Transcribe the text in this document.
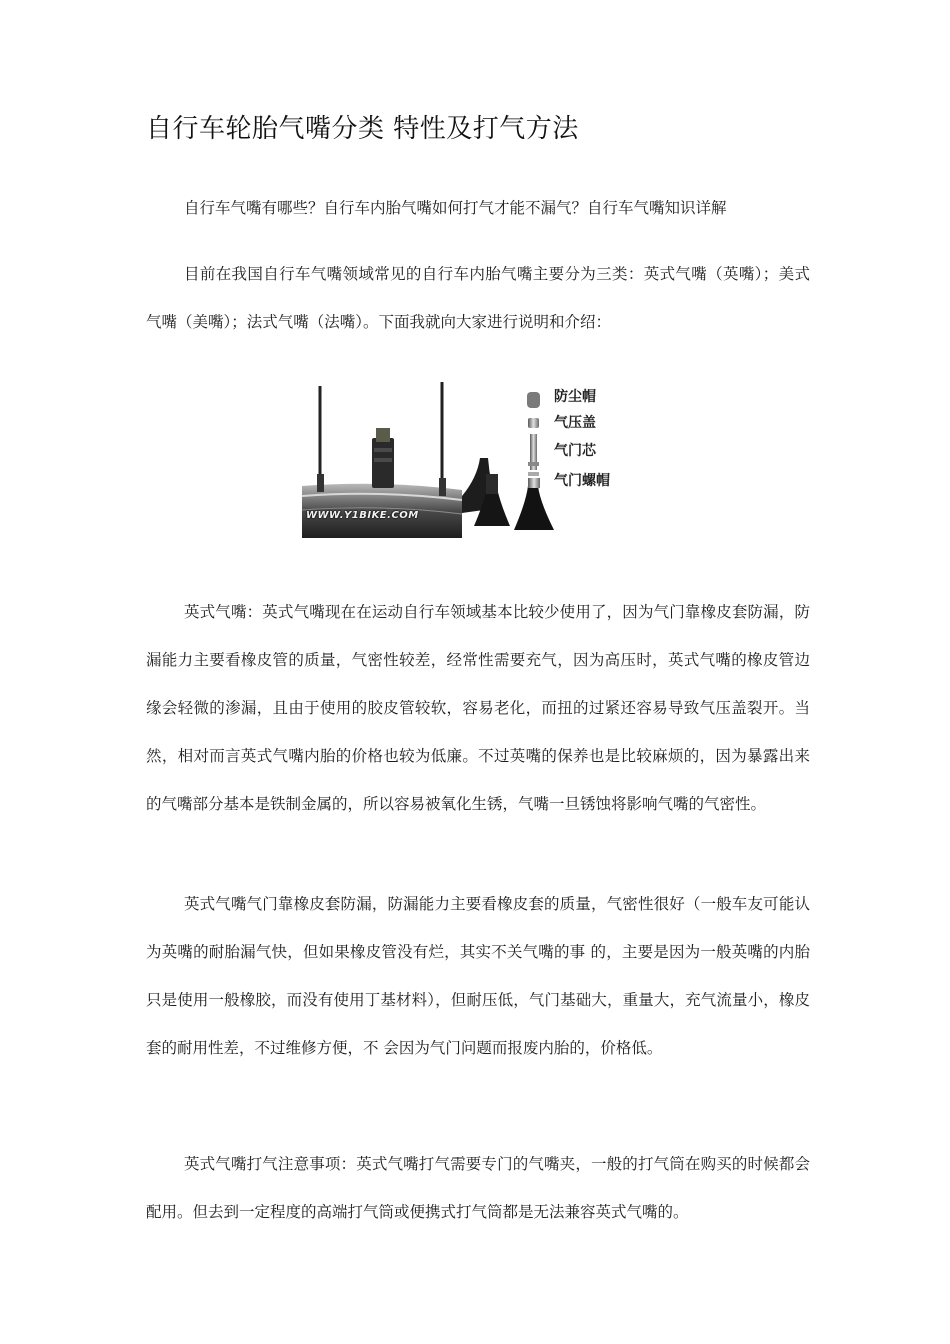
自行车轮胎气嘴分类 特性及打气方法

自行车气嘴有哪些？自行车内胎气嘴如何打气才能不漏气？自行车气嘴知识详解

目前在我国自行车气嘴领域常见的自行车内胎气嘴主要分为三类：英式气嘴（英嘴）；美式气嘴（美嘴）；法式气嘴（法嘴）。下面我就向大家进行说明和介绍：

防尘帽
气压盖
气门芯
气门螺帽
WWW.Y1BIKE.COM

英式气嘴：英式气嘴现在在运动自行车领域基本比较少使用了，因为气门靠橡皮套防漏，防漏能力主要看橡皮管的质量，气密性较差，经常性需要充气，因为高压时，英式气嘴的橡皮管边缘会轻微的渗漏，且由于使用的胶皮管较软，容易老化，而扭的过紧还容易导致气压盖裂开。当然，相对而言英式气嘴内胎的价格也较为低廉。不过英嘴的保养也是比较麻烦的，因为暴露出来的气嘴部分基本是铁制金属的，所以容易被氧化生锈，气嘴一旦锈蚀将影响气嘴的气密性。

英式气嘴气门靠橡皮套防漏，防漏能力主要看橡皮套的质量，气密性很好（一般车友可能认为英嘴的耐胎漏气快，但如果橡皮管没有烂，其实不关气嘴的事 的，主要是因为一般英嘴的内胎只是使用一般橡胶，而没有使用丁基材料），但耐压低，气门基础大，重量大，充气流量小，橡皮套的耐用性差，不过维修方便，不 会因为气门问题而报废内胎的，价格低。

英式气嘴打气注意事项：英式气嘴打气需要专门的气嘴夹，一般的打气筒在购买的时候都会配用。但去到一定程度的高端打气筒或便携式打气筒都是无法兼容英式气嘴的。
